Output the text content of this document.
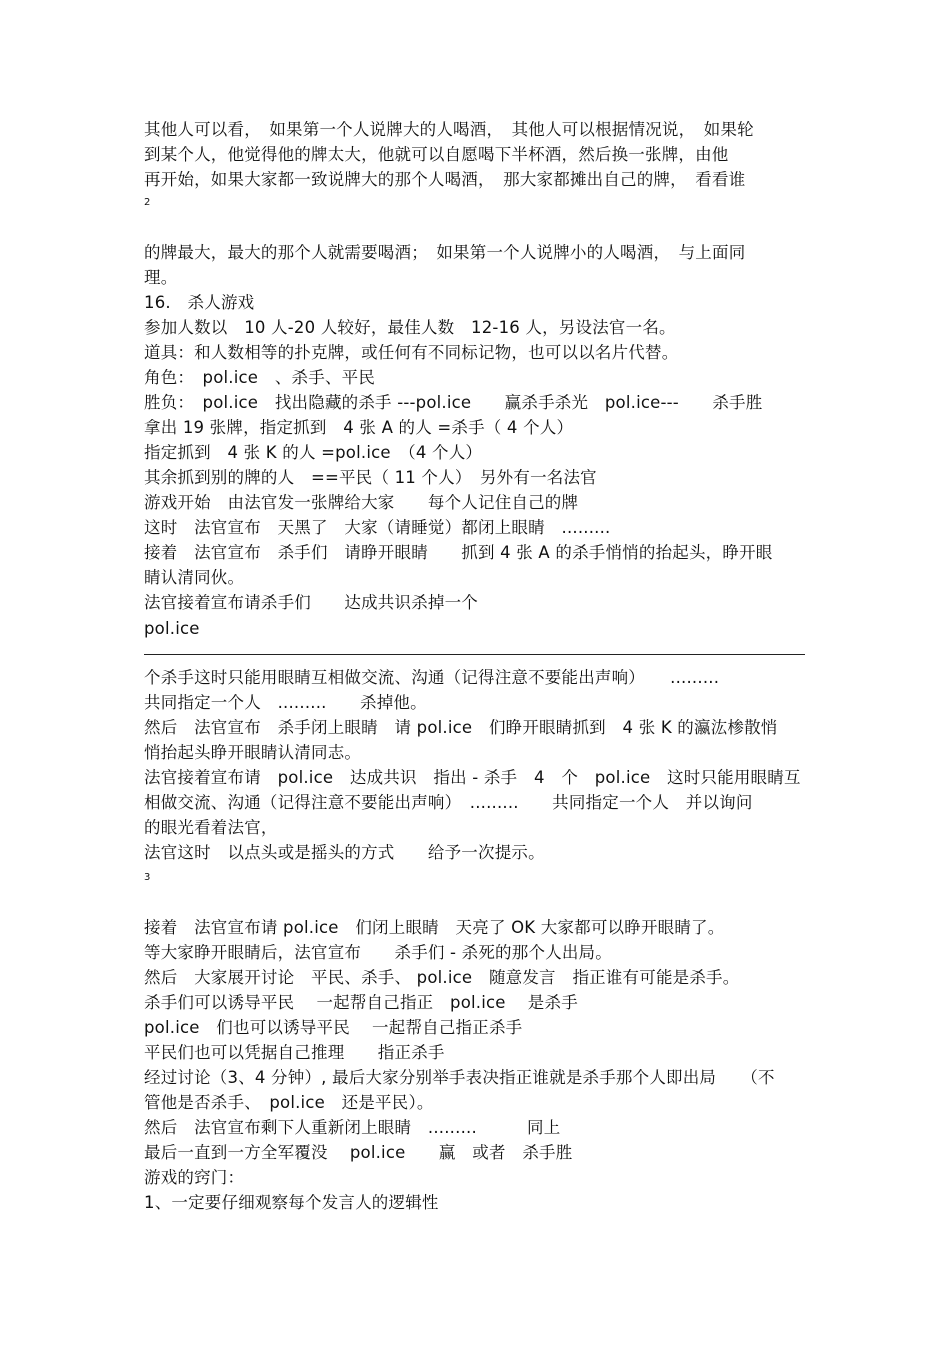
其他人可以看，　如果第一个人说牌大的人喝酒，　其他人可以根据情况说，　如果轮
到某个人，他觉得他的牌太大，他就可以自愿喝下半杯酒，然后换一张牌，由他
再开始，如果大家都一致说牌大的那个人喝酒，　那大家都摊出自己的牌，　看看谁
2
的牌最大，最大的那个人就需要喝酒；　如果第一个人说牌小的人喝酒，　与上面同
理。
16.　杀人游戏
参加人数以　10 人-20 人较好，最佳人数　12-16 人，另设法官一名。
道具：和人数相等的扑克牌，或任何有不同标记物，也可以以名片代替。
角色：　pol.ice　、杀手、平民
胜负：　pol.ice　找出隐藏的杀手 ---pol.ice　　赢杀手杀光　pol.ice---　　杀手胜
拿出 19 张牌，指定抓到　4 张 A 的人 =杀手（ 4 个人）
指定抓到　4 张 K 的人 =pol.ice　（4 个人）
其余抓到别的牌的人　==平民（ 11 个人）　另外有一名法官
游戏开始　由法官发一张牌给大家　　每个人记住自己的牌
这时　法官宣布　天黑了　大家（请睡觉）都闭上眼睛　.........
接着　法官宣布　杀手们　请睁开眼睛　　抓到 4 张 A 的杀手悄悄的抬起头，睁开眼
睛认清同伙。
法官接着宣布请杀手们　　达成共识杀掉一个
pol.ice
个杀手这时只能用眼睛互相做交流、沟通（记得注意不要能出声响）　　.........
共同指定一个人　.........　　杀掉他。
然后　法官宣布　杀手闭上眼睛　请 pol.ice　们睁开眼睛抓到　4 张 K 的瀛汯椮散悄
悄抬起头睁开眼睛认清同志。
法官接着宣布请　pol.ice　达成共识　指出 - 杀手　4　个　pol.ice　这时只能用眼睛互
相做交流、沟通（记得注意不要能出声响）　.........　　共同指定一个人　并以询问
的眼光看着法官，
法官这时　以点头或是摇头的方式　　给予一次提示。
3
接着　法官宣布请 pol.ice　们闭上眼睛　天亮了 OK 大家都可以睁开眼睛了。
等大家睁开眼睛后，法官宣布　　杀手们 - 杀死的那个人出局。
然后　大家展开讨论　平民、杀手、 pol.ice　随意发言　指正谁有可能是杀手。
杀手们可以诱导平民　 一起帮自己指正　pol.ice　 是杀手
pol.ice　们也可以诱导平民　 一起帮自己指正杀手
平民们也可以凭据自己推理　　指正杀手
经过讨论（3、4 分钟）, 最后大家分别举手表决指正谁就是杀手那个人即出局　　（不
管他是否杀手、　pol.ice　还是平民）。
然后　法官宣布剩下人重新闭上眼睛　.........　　　同上
最后一直到一方全军覆没　 pol.ice　　赢　或者　杀手胜
游戏的窍门：
1、一定要仔细观察每个发言人的逻辑性
